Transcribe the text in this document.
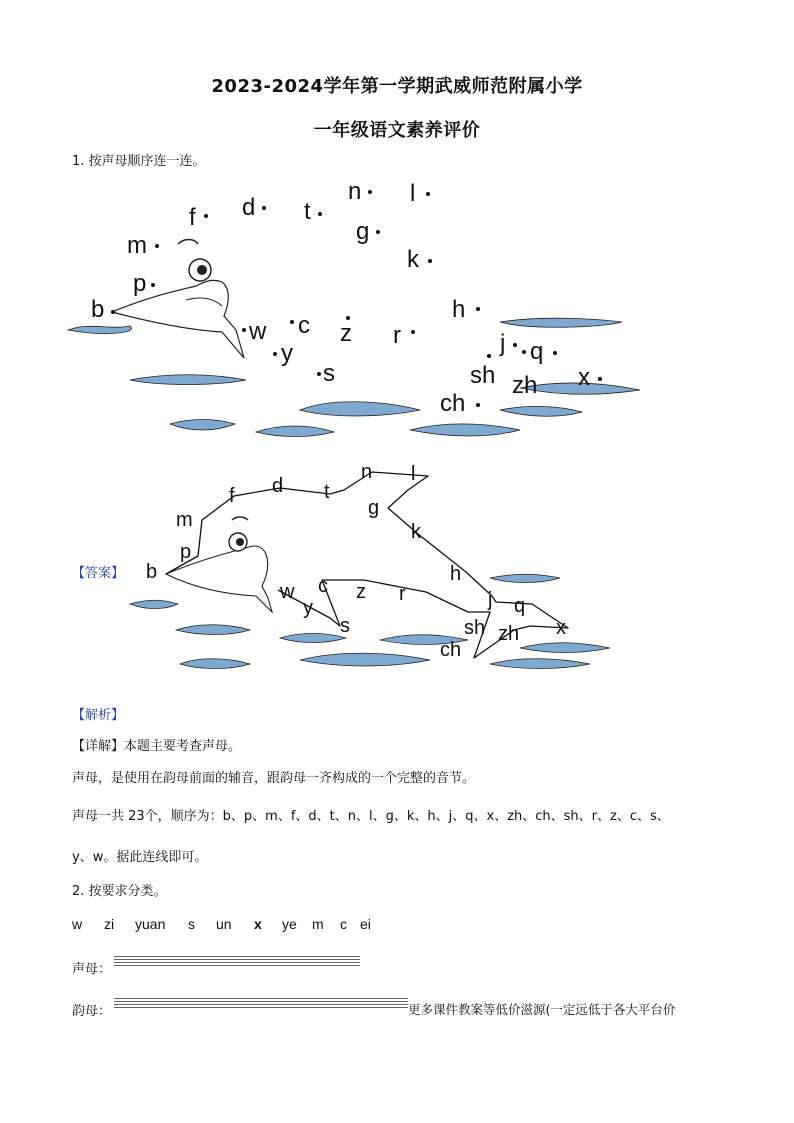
2023-2024学年第一学期武威师范附属小学
一年级语文素养评价
1. 按声母顺序连一连。
f d t
n l
g
m
k
p
b	h
w c z r	j q
y
s	sh zh x
ch
【答案】
f d t
n l
g
m
k
p
b	h
w c z r
y
s
j q
sh zh x
ch
【解析】
【详解】本题主要考查声母。
声母，是使用在韵母前面的辅音，跟韵母一齐构成的一个完整的音节。
声母一共 23个，顺序为：b、p、m、f、d、t、n、l、g、k、h、j、q、x、zh、ch、sh、r、z、c、s、
y、w。据此连线即可。
2. 按要求分类。
w zi yuan s un x ye m c ei
声母：
韵母：	更多课件教案等低价滋源(一定远低于各大平台价
